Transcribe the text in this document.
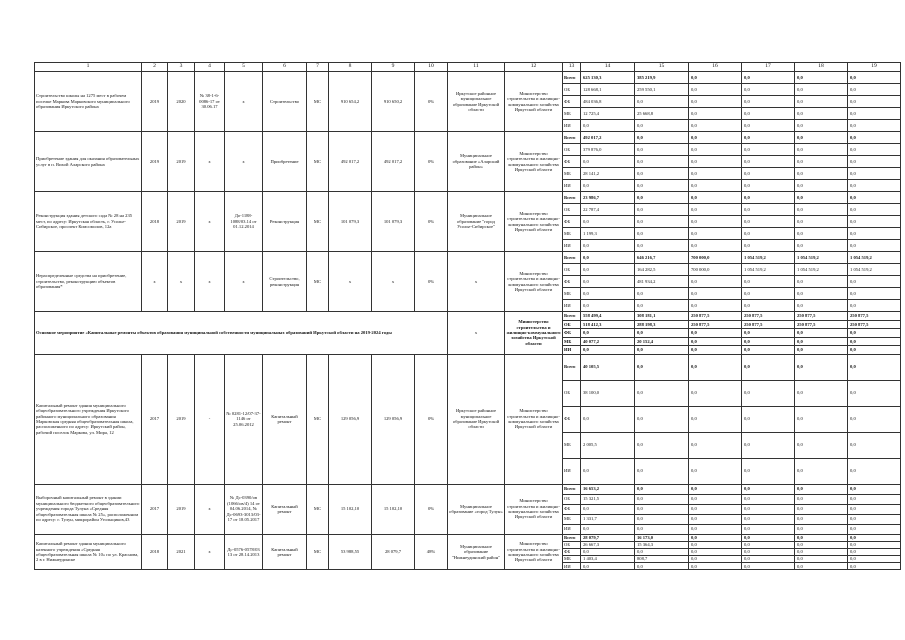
1	2	3	4	5	6	7	8	9	10	11	12	13	14	15	16	17	18	19
Строительство школы на 1275 мест в рабочем поселке Маркова Марковского муниципального образования Иркутского района	2019	2020	№ 38-1-6-0086-17 от 30.06.17	х	Строительство	МС	910 654,2	910 650,2	0%	Иркутское районное муниципальное образование Иркутской области	Министерство строительства и жилищно-коммунального хозяйства Иркутской области	Всего	625 130,3	385 219,9	0,0	0,0	0,0	0,0
												ОБ	128 668,1	259 550,1	0,0	0,0	0,0	0,0
												ФБ	484 036,8	0,0	0,0	0,0	0,0	0,0
												МБ	12 725,4	25 668,8	0,0	0,0	0,0	0,0
												ИИ	0,0	0,0	0,0	0,0	0,0	0,0
Приобретение здания для оказания образовательных услуг в п. Вихой Аларского района	2019	2019	х	х	Приобретение	МС	492 017,2	492 017,2	0%	Муниципальное образование «Аларский район»	Министерство строительства и жилищно-коммунального хозяйства Иркутской области	Всего	492 017,2	0,0	0,0	0,0	0,0	0,0
												ОБ	379 876,0	0,0	0,0	0,0	0,0	0,0
												ФБ	0,0	0,0	0,0	0,0	0,0	0,0
												МБ	28 141,2	0,0	0,0	0,0	0,0	0,0
												ИИ	0,0	0,0	0,0	0,0	0,0	0,0
Реконструкция здания детского сада № 28 на 235 мест, по адресу: Иркутская область, г. Усолье-Сибирское, проспект Комсомолов, 12а	2018	2019	х	До-1188-1088/03.14 от 01.12.2014	Реконструкция	МС	101 079,3	101 079,3	0%	Муниципальное образование "город Усолье-Сибирское"	Министерство строительства и жилищно-коммунального хозяйства Иркутской области	Всего	23 986,7	0,0	0,0	0,0	0,0	0,0
												ОБ	22 787,4	0,0	0,0	0,0	0,0	0,0
												ФБ	0,0	0,0	0,0	0,0	0,0	0,0
												МБ	1 199,3	0,0	0,0	0,0	0,0	0,0
												ИИ	0,0	0,0	0,0	0,0	0,0	0,0
Нераспределенные средства на приобретение, строительство, реконструкцию объектов образования*	х	х	х	х	Строительство, реконструкция	МС	х	х	0%	х	Министерство строительства и жилищно-коммунального хозяйства Иркутской области	Всего	0,0	646 216,7	700 000,0	1 054 519,2	1 054 519,2	1 054 519,2
												ОБ	0,0	164 282,5	700 000,0	1 054 519,2	1 054 519,2	1 054 519,2
												ФБ	0,0	481 934,2	0,0	0,0	0,0	0,0
												МБ	0,0	0,0	0,0	0,0	0,0	0,0
												ИИ	0,0	0,0	0,0	0,0	0,0	0,0
Основное мероприятие «Капитальные ремонты объектов образования муниципальной собственности муниципальных образований Иркутской области на 2019-2024 годы										х	Министерство строительства и жилищно-коммунального хозяйства Иркутской области	Всего	558 499,4	308 181,1	250 877,5	250 877,5	250 877,5	250 877,5
												ОБ	518 412,3	288 198,3	250 877,5	250 877,5	250 877,5	250 877,5
												ФБ	0,0	0,0	0,0	0,0	0,0	0,0
												МБ	40 077,2	20 152,4	0,0	0,0	0,0	0,0
												ИИ	0,0	0,0	0,0	0,0	0,0	0,0
Капитальный ремонт здания муниципального общеобразовательного учреждения Иркутского районного муниципального образования Марковская средняя общеобразовательная школа, расположенного по адресу: Иркутский район, рабочий поселок Маркова, ул. Мира, 12	2017	2019	-	№ 0281-12/07-37-1146 от 25.06.2012	Капитальный ремонт	МС	129 056,9	129 056,9	0%	Иркутское районное муниципальное образование Иркутской области	Министерство строительства и жилищно-коммунального хозяйства Иркутской области	Всего	40 105,5	0,0	0,0	0,0	0,0	0,0
												ОБ	38 100,0	0,0	0,0	0,0	0,0	0,0
												ФБ	0,0	0,0	0,0	0,0	0,0	0,0
												МБ	2 005,5	0,0	0,0	0,0	0,0	0,0
												ИИ	0,0	0,0	0,0	0,0	0,0	0,0
Выборочный капитальный ремонт в здании муниципального бюджетного общеобразовательного учреждения города Тулуна «Средняя общеобразовательная школа № 25», расположенном по адресу: г. Тулун, микрорайон Угольщиков,43	2017	2019	х	№ Дс-0390/ов (1066/ов/4) 14 от 04.06.2014, № Дс-0693-3013/03-17 от 18.05.2017	Капитальный ремонт	МС	15 102,10	15 102,10	0%	Муниципальное образование «город Тулун»	Министерство строительства и жилищно-коммунального хозяйства Иркутской области	Всего	16 653,2	0,0	0,0	0,0	0,0	0,0
												ОБ	15 321,5	0,0	0,0	0,0	0,0	0,0
												ФБ	0,0	0,0	0,0	0,0	0,0	0,0
												МБ	1 331,7	0,0	0,0	0,0	0,0	0,0
												ИИ	0,0	0,0	0,0	0,0	0,0	0,0
Капитальный ремонт здания муниципального казенного учреждения «Средняя общеобразовательная школа № 10» по ул. Краснова, 2 в г. Нижнеудинске	2018	2021	х	Дс-0576-0578/03 13 от 28.14.2013	Капитальный ремонт	МС	53 988,55	28 079,7	48%	Муниципальное образование "Нижнеудинский район"	Министерство строительства и жилищно-коммунального хозяйства Иркутской области	Всего	28 079,7	16 173,0	0,0	0,0	0,0	0,0
												ОБ	26 667,3	15 364,3	0,0	0,0	0,0	0,0
												ФБ	0,0	0,0	0,0	0,0	0,0	0,0
												МБ	1 403,4	808,7	0,0	0,0	0,0	0,0
												ИИ	0,0	0,0	0,0	0,0	0,0	0,0
